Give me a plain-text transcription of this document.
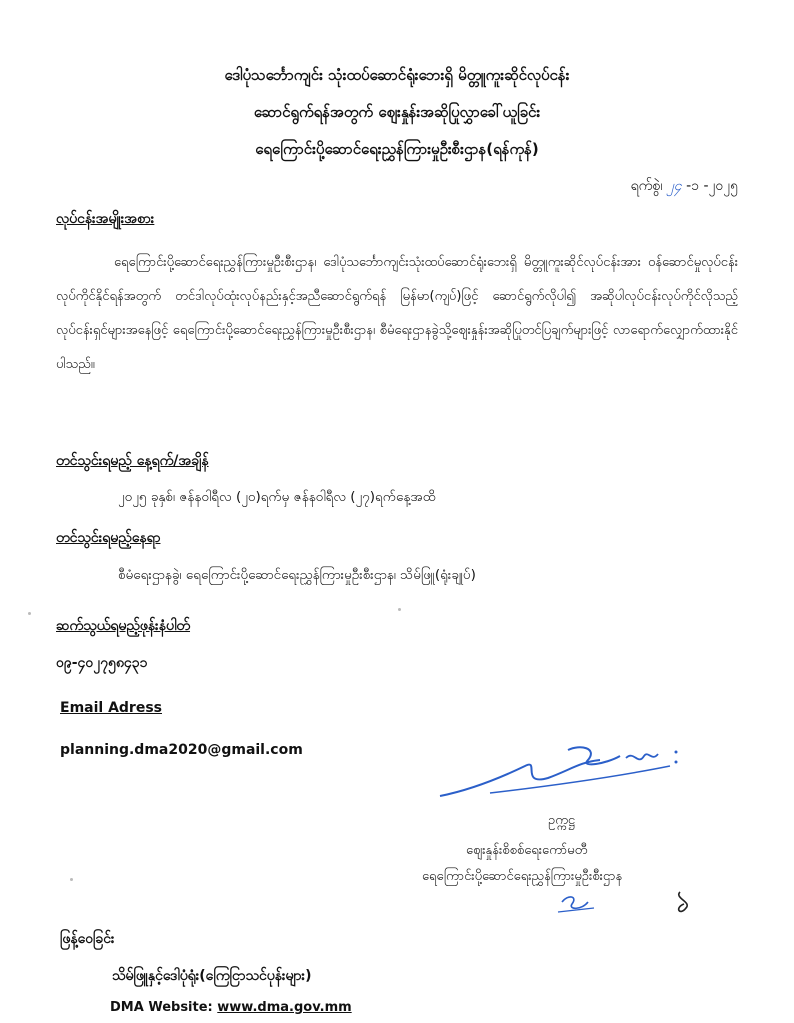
ဒေါပုံသင်္ဘောကျင်း သုံးထပ်ဆောင်ရုံးဘေးရှိ မိတ္တူကူးဆိုင်လုပ်ငန်း
ဆောင်ရွက်ရန်အတွက် ဈေးနှုန်းအဆိုပြုလွှာခေါ်ယူခြင်း
ရေကြောင်းပို့ဆောင်ရေးညွှန်ကြားမှုဦးစီးဌာန(ရန်ကုန်)
ရက်စွဲ၊ ၂၄ -၁ -၂၀၂၅
လုပ်ငန်းအမျိုးအစား
ရေကြောင်းပို့ဆောင်ရေးညွှန်ကြားမှုဦးစီးဌာန၊ ဒေါပုံသင်္ဘောကျင်းသုံးထပ်ဆောင်ရုံးဘေးရှိ မိတ္တူကူးဆိုင်လုပ်ငန်းအား ဝန်ဆောင်မှုလုပ်ငန်းလုပ်ကိုင်နိုင်ရန်အတွက် တင်ဒါလုပ်ထုံးလုပ်နည်းနှင့်အညီဆောင်ရွက်ရန် မြန်မာ(ကျပ်)ဖြင့် ဆောင်ရွက်လိုပါ၍ အဆိုပါလုပ်ငန်းလုပ်ကိုင်လိုသည့် လုပ်ငန်းရှင်များအနေဖြင့် ရေကြောင်းပို့ဆောင်ရေးညွှန်ကြားမှုဦးစီးဌာန၊ စီမံရေးဌာနခွဲသို့ဈေးနှုန်းအဆိုပြုတင်ပြချက်များဖြင့် လာရောက်လျှောက်ထားနိုင်ပါသည်။
တင်သွင်းရမည့် နေ့ရက်/အချိန်
၂၀၂၅ ခုနှစ်၊ ဇန်နဝါရီလ (၂၀)ရက်မှ ဇန်နဝါရီလ (၂၇)ရက်နေ့အထိ
တင်သွင်းရမည့်နေရာ
စီမံရေးဌာနခွဲ၊ ရေကြောင်းပို့ဆောင်ရေးညွှန်ကြားမှုဦးစီးဌာန၊ သိမ်ဖြူ(ရုံးချုပ်)
ဆက်သွယ်ရမည့်ဖုန်းနံပါတ်
၀၉-၄၀၂၇၅၈၄၃၁
Email Adress
planning.dma2020@gmail.com
ဥက္ကဋ္ဌ
ဈေးနှုန်းစိစစ်ရေးကော်မတီ
ရေကြောင်းပို့ဆောင်ရေးညွှန်ကြားမှုဦးစီးဌာန
ဖြန့်ဝေခြင်း
သိမ်ဖြူနှင့်ဒေါပုံရုံး(ကြေငြာသင်ပုန်းများ)
DMA Website: www.dma.gov.mm
